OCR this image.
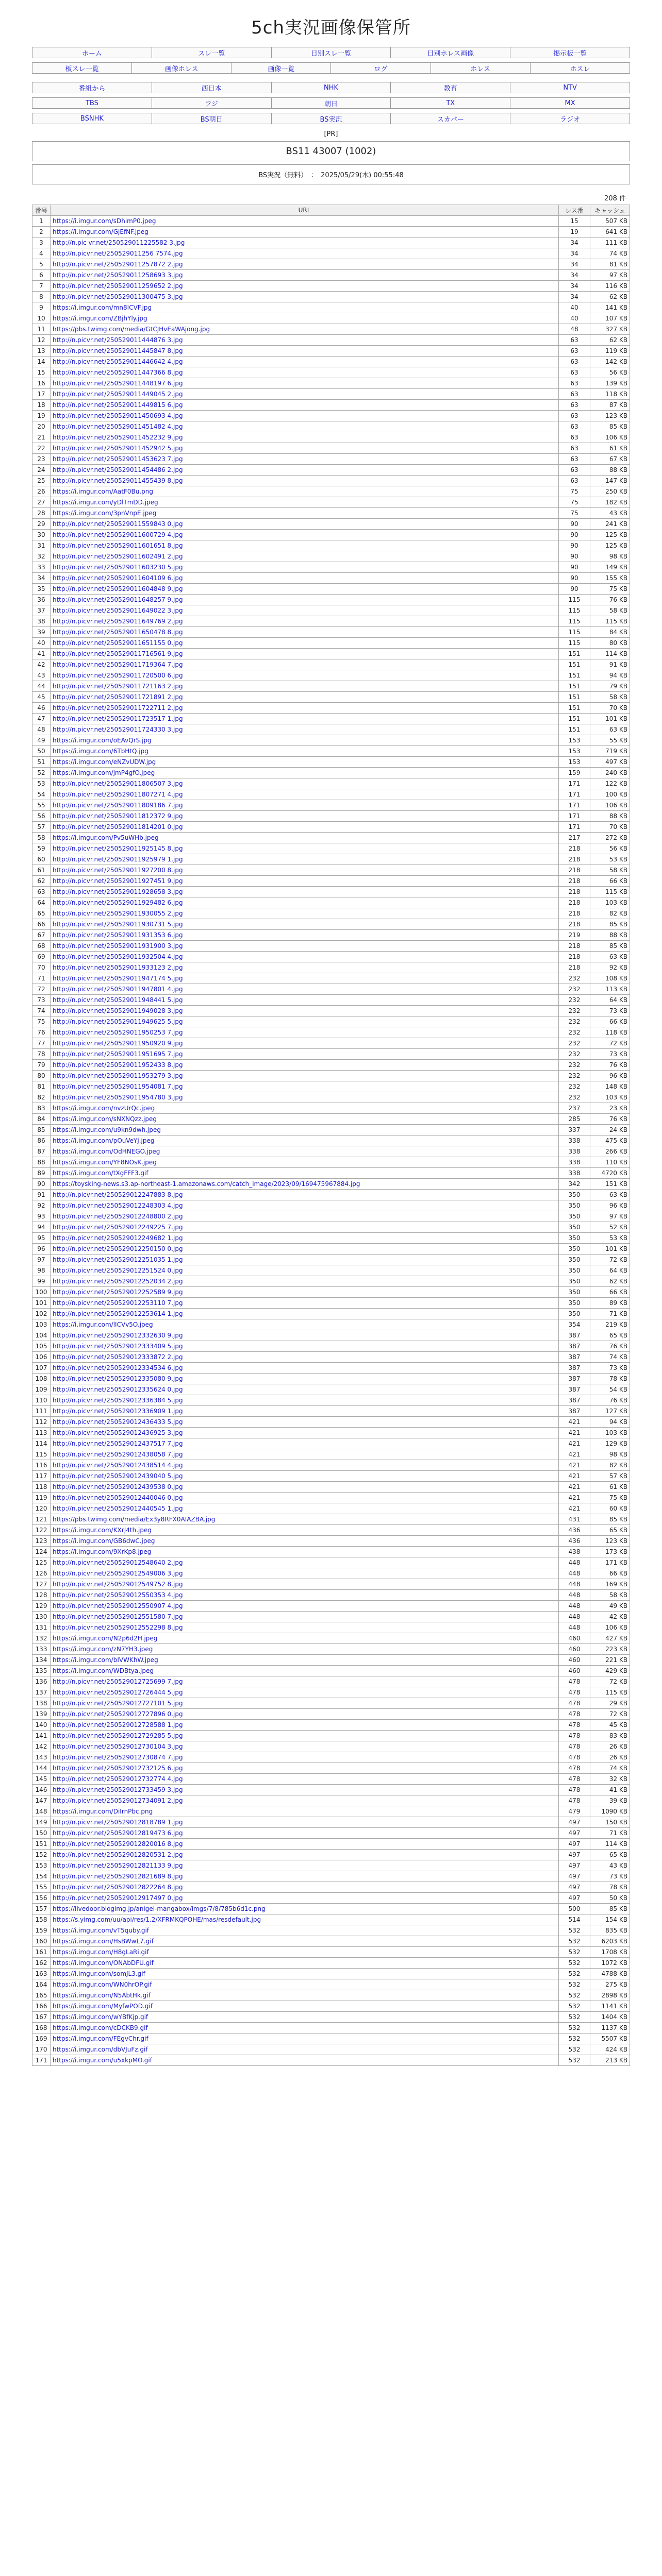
5ch実況画像保管所
ホーム	スレ一覧	日別スレ一覧	日別ホレス画像	掲示板一覧
板スレ一覧	画像ホレス	画像一覧	ログ	ホレス	ホスレ
番組から	西日本	NHK	教育	NTV
TBS	フジ	朝日	TX	MX
BSNHK	BS朝日	BS実況	スカパー	ラジオ
[PR]
BS11 43007 (1002)
BS実況（無料）　：　2025/05/29(木) 00:55:48
208 件
番号	URL	レス番	キャッシュ
1	https://i.imgur.com/sDhimP0.jpeg	15	507 KB
2	https://i.imgur.com/GjEfNF.jpeg	19	641 KB
3	http://n.pic vr.net/250529011225582 3.jpg	34	111 KB
4	http://n.picvr.net/250529011256 7574.jpg	34	74 KB
5	http://n.picvr.net/250529011257872 2.jpg	34	81 KB
6	http://n.picvr.net/250529011258693 3.jpg	34	97 KB
7	http://n.picvr.net/250529011259652 2.jpg	34	116 KB
8	http://n.picvr.net/250529011300475 3.jpg	34	62 KB
9	https://i.imgur.com/mn8ICVF.jpg	40	141 KB
10	https://i.imgur.com/ZBjhYly.jpg	40	107 KB
11	https://pbs.twimg.com/media/GtCJHvEaWAjong.jpg	48	327 KB
12	http://n.picvr.net/250529011444876 3.jpg	63	62 KB
13	http://n.picvr.net/250529011445847 8.jpg	63	119 KB
14	http://n.picvr.net/250529011446642 4.jpg	63	142 KB
15	http://n.picvr.net/250529011447366 8.jpg	63	56 KB
16	http://n.picvr.net/250529011448197 6.jpg	63	139 KB
17	http://n.picvr.net/250529011449045 2.jpg	63	118 KB
18	http://n.picvr.net/250529011449815 6.jpg	63	87 KB
19	http://n.picvr.net/250529011450693 4.jpg	63	123 KB
20	http://n.picvr.net/250529011451482 4.jpg	63	85 KB
21	http://n.picvr.net/250529011452232 9.jpg	63	106 KB
22	http://n.picvr.net/250529011452942 5.jpg	63	61 KB
23	http://n.picvr.net/250529011453623 7.jpg	63	67 KB
24	http://n.picvr.net/250529011454486 2.jpg	63	88 KB
25	http://n.picvr.net/250529011455439 8.jpg	63	147 KB
26	https://i.imgur.com/AatF0Bu.png	75	250 KB
27	https://i.imgur.com/yDlTmDD.jpeg	75	182 KB
28	https://i.imgur.com/3pnVnpE.jpeg	75	43 KB
29	http://n.picvr.net/250529011559843 0.jpg	90	241 KB
30	http://n.picvr.net/250529011600729 4.jpg	90	125 KB
31	http://n.picvr.net/250529011601651 8.jpg	90	125 KB
32	http://n.picvr.net/250529011602491 2.jpg	90	98 KB
33	http://n.picvr.net/250529011603230 5.jpg	90	149 KB
34	http://n.picvr.net/250529011604109 6.jpg	90	155 KB
35	http://n.picvr.net/250529011604848 9.jpg	90	75 KB
36	http://n.picvr.net/250529011648257 9.jpg	115	76 KB
37	http://n.picvr.net/250529011649022 3.jpg	115	58 KB
38	http://n.picvr.net/250529011649769 2.jpg	115	115 KB
39	http://n.picvr.net/250529011650478 8.jpg	115	84 KB
40	http://n.picvr.net/250529011651155 0.jpg	115	80 KB
41	http://n.picvr.net/250529011716561 9.jpg	151	114 KB
42	http://n.picvr.net/250529011719364 7.jpg	151	91 KB
43	http://n.picvr.net/250529011720500 6.jpg	151	94 KB
44	http://n.picvr.net/250529011721163 2.jpg	151	79 KB
45	http://n.picvr.net/250529011721891 2.jpg	151	58 KB
46	http://n.picvr.net/250529011722711 2.jpg	151	70 KB
47	http://n.picvr.net/250529011723517 1.jpg	151	101 KB
48	http://n.picvr.net/250529011724330 3.jpg	151	63 KB
49	https://i.imgur.com/oEAvQrS.jpg	153	55 KB
50	https://i.imgur.com/6TbHtQ.jpg	153	719 KB
51	https://i.imgur.com/eNZvUDW.jpg	153	497 KB
52	https://i.imgur.com/jmP4gfO.jpeg	159	240 KB
53	http://n.picvr.net/250529011806507 3.jpg	171	122 KB
54	http://n.picvr.net/250529011807271 4.jpg	171	100 KB
55	http://n.picvr.net/250529011809186 7.jpg	171	106 KB
56	http://n.picvr.net/250529011812372 9.jpg	171	88 KB
57	http://n.picvr.net/250529011814201 0.jpg	171	70 KB
58	https://i.imgur.com/Pv5uWHb.jpeg	217	272 KB
59	http://n.picvr.net/250529011925145 8.jpg	218	56 KB
60	http://n.picvr.net/250529011925979 1.jpg	218	53 KB
61	http://n.picvr.net/250529011927200 8.jpg	218	58 KB
62	http://n.picvr.net/250529011927451 9.jpg	218	66 KB
63	http://n.picvr.net/250529011928658 3.jpg	218	115 KB
64	http://n.picvr.net/250529011929482 6.jpg	218	103 KB
65	http://n.picvr.net/250529011930055 2.jpg	218	82 KB
66	http://n.picvr.net/250529011930731 5.jpg	218	85 KB
67	http://n.picvr.net/250529011931353 6.jpg	219	88 KB
68	http://n.picvr.net/250529011931900 3.jpg	218	85 KB
69	http://n.picvr.net/250529011932504 4.jpg	218	63 KB
70	http://n.picvr.net/250529011933123 2.jpg	218	92 KB
71	http://n.picvr.net/250529011947174 5.jpg	232	108 KB
72	http://n.picvr.net/250529011947801 4.jpg	232	113 KB
73	http://n.picvr.net/250529011948441 5.jpg	232	64 KB
74	http://n.picvr.net/250529011949028 3.jpg	232	73 KB
75	http://n.picvr.net/250529011949625 5.jpg	232	66 KB
76	http://n.picvr.net/250529011950253 7.jpg	232	118 KB
77	http://n.picvr.net/250529011950920 9.jpg	232	72 KB
78	http://n.picvr.net/250529011951695 7.jpg	232	73 KB
79	http://n.picvr.net/250529011952433 8.jpg	232	76 KB
80	http://n.picvr.net/250529011953279 3.jpg	232	96 KB
81	http://n.picvr.net/250529011954081 7.jpg	232	148 KB
82	http://n.picvr.net/250529011954780 3.jpg	232	103 KB
83	https://i.imgur.com/nvzUrQc.jpeg	237	23 KB
84	https://i.imgur.com/sNXNQzz.jpeg	285	76 KB
85	https://i.imgur.com/u9kn9dwh.jpeg	337	24 KB
86	https://i.imgur.com/pOuVeYj.jpeg	338	475 KB
87	https://i.imgur.com/OdHNEGO.jpeg	338	266 KB
88	https://i.imgur.com/YF8NOsK.jpeg	338	110 KB
89	https://i.imgur.com/tXgFFF3.gif	338	4720 KB
90	https://toysking-news.s3.ap-northeast-1.amazonaws.com/catch_image/2023/09/169475967884.jpg	342	151 KB
91	http://n.picvr.net/250529012247883 8.jpg	350	63 KB
92	http://n.picvr.net/250529012248303 4.jpg	350	96 KB
93	http://n.picvr.net/250529012248800 2.jpg	350	97 KB
94	http://n.picvr.net/250529012249225 7.jpg	350	52 KB
95	http://n.picvr.net/250529012249682 1.jpg	350	53 KB
96	http://n.picvr.net/250529012250150 0.jpg	350	101 KB
97	http://n.picvr.net/250529012251035 1.jpg	350	72 KB
98	http://n.picvr.net/250529012251524 0.jpg	350	64 KB
99	http://n.picvr.net/250529012252034 2.jpg	350	62 KB
100	http://n.picvr.net/250529012252589 9.jpg	350	66 KB
101	http://n.picvr.net/250529012253110 7.jpg	350	89 KB
102	http://n.picvr.net/250529012253614 1.jpg	350	71 KB
103	https://i.imgur.com/lICVv5O.jpeg	354	219 KB
104	http://n.picvr.net/250529012332630 9.jpg	387	65 KB
105	http://n.picvr.net/250529012333409 5.jpg	387	76 KB
106	http://n.picvr.net/250529012333872 2.jpg	387	74 KB
107	http://n.picvr.net/250529012334534 6.jpg	387	73 KB
108	http://n.picvr.net/250529012335080 9.jpg	387	78 KB
109	http://n.picvr.net/250529012335624 0.jpg	387	54 KB
110	http://n.picvr.net/250529012336384 5.jpg	387	76 KB
111	http://n.picvr.net/250529012336909 1.jpg	387	127 KB
112	http://n.picvr.net/250529012436433 5.jpg	421	94 KB
113	http://n.picvr.net/250529012436925 3.jpg	421	103 KB
114	http://n.picvr.net/250529012437517 7.jpg	421	129 KB
115	http://n.picvr.net/250529012438058 7.jpg	421	98 KB
116	http://n.picvr.net/250529012438514 4.jpg	421	82 KB
117	http://n.picvr.net/250529012439040 5.jpg	421	57 KB
118	http://n.picvr.net/250529012439538 0.jpg	421	61 KB
119	http://n.picvr.net/250529012440046 0.jpg	421	75 KB
120	http://n.picvr.net/250529012440545 1.jpg	421	60 KB
121	https://pbs.twimg.com/media/Ex3y8RFX0AIAZBA.jpg	431	85 KB
122	https://i.imgur.com/KXrJ4th.jpeg	436	65 KB
123	https://i.imgur.com/GB6dwC.jpeg	436	123 KB
124	https://i.imgur.com/9XrKp8.jpeg	438	173 KB
125	http://n.picvr.net/250529012548640 2.jpg	448	171 KB
126	http://n.picvr.net/250529012549006 3.jpg	448	66 KB
127	http://n.picvr.net/250529012549752 8.jpg	448	169 KB
128	http://n.picvr.net/250529012550353 4.jpg	448	58 KB
129	http://n.picvr.net/250529012550907 4.jpg	448	49 KB
130	http://n.picvr.net/250529012551580 7.jpg	448	42 KB
131	http://n.picvr.net/250529012552298 8.jpg	448	106 KB
132	https://i.imgur.com/N2p6d2H.jpeg	460	427 KB
133	https://i.imgur.com/zN7YH3.jpeg	460	223 KB
134	https://i.imgur.com/bIVWKhW.jpeg	460	221 KB
135	https://i.imgur.com/WDBtya.jpeg	460	429 KB
136	http://n.picvr.net/250529012725699 7.jpg	478	72 KB
137	http://n.picvr.net/250529012726444 5.jpg	478	115 KB
138	http://n.picvr.net/250529012727101 5.jpg	478	29 KB
139	http://n.picvr.net/250529012727896 0.jpg	478	72 KB
140	http://n.picvr.net/250529012728588 1.jpg	478	45 KB
141	http://n.picvr.net/250529012729285 5.jpg	478	83 KB
142	http://n.picvr.net/250529012730104 3.jpg	478	26 KB
143	http://n.picvr.net/250529012730874 7.jpg	478	26 KB
144	http://n.picvr.net/250529012732125 6.jpg	478	74 KB
145	http://n.picvr.net/250529012732774 4.jpg	478	32 KB
146	http://n.picvr.net/250529012733459 3.jpg	478	41 KB
147	http://n.picvr.net/250529012734091 2.jpg	478	39 KB
148	https://i.imgur.com/DiIrnPbc.png	479	1090 KB
149	http://n.picvr.net/250529012818789 1.jpg	497	150 KB
150	http://n.picvr.net/250529012819473 6.jpg	497	71 KB
151	http://n.picvr.net/250529012820016 8.jpg	497	114 KB
152	http://n.picvr.net/250529012820531 2.jpg	497	65 KB
153	http://n.picvr.net/250529012821133 9.jpg	497	43 KB
154	http://n.picvr.net/250529012821689 8.jpg	497	73 KB
155	http://n.picvr.net/250529012822264 8.jpg	497	78 KB
156	http://n.picvr.net/250529012917497 0.jpg	497	50 KB
157	https://livedoor.blogimg.jp/anigei-mangabox/imgs/7/8/785b6d1c.png	500	85 KB
158	https://s.yimg.com/uu/api/res/1.2/XFRMKQPOHE/mas/resdefault.jpg	514	154 KB
159	https://i.imgur.com/vT5quby.gif	532	835 KB
160	https://i.imgur.com/HsBWwL7.gif	532	6203 KB
161	https://i.imgur.com/H8gLaRi.gif	532	1708 KB
162	https://i.imgur.com/ONAbDFU.gif	532	1072 KB
163	https://i.imgur.com/somJL3.gif	532	4788 KB
164	https://i.imgur.com/WN0hrOP.gif	532	275 KB
165	https://i.imgur.com/N5AbtHk.gif	532	2898 KB
166	https://i.imgur.com/MyfwPOD.gif	532	1141 KB
167	https://i.imgur.com/wYBfKjp.gif	532	1404 KB
168	https://i.imgur.com/cDCKB9.gif	532	1137 KB
169	https://i.imgur.com/FEgvChr.gif	532	5507 KB
170	https://i.imgur.com/dbVJuFz.gif	532	424 KB
171	https://i.imgur.com/u5xkpMO.gif	532	213 KB
